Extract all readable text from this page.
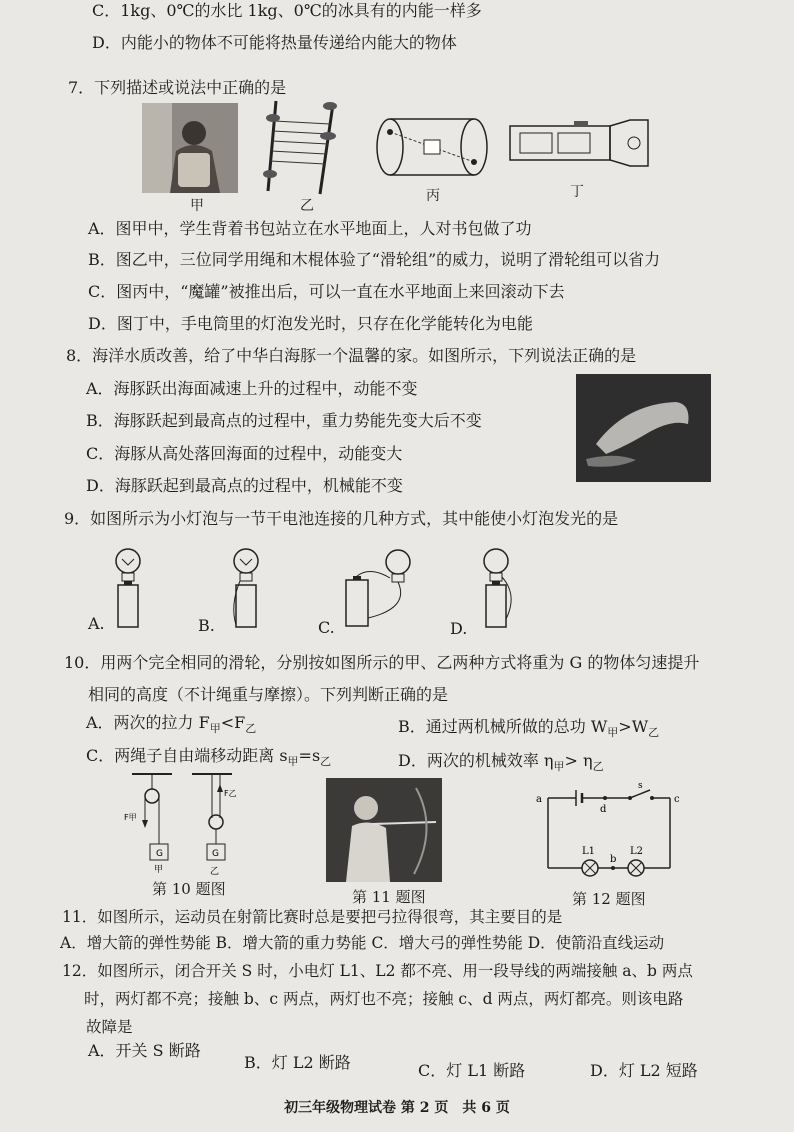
C．1kg、0℃的水比 1kg、0℃的冰具有的内能一样多
D．内能小的物体不可能将热量传递给内能大的物体
7．下列描述或说法中正确的是
甲	乙
丙	丁
A．图甲中，学生背着书包站立在水平地面上，人对书包做了功
B．图乙中，三位同学用绳和木棍体验了“滑轮组”的威力，说明了滑轮组可以省力
C．图丙中，“魔罐”被推出后，可以一直在水平地面上来回滚动下去
D．图丁中，手电筒里的灯泡发光时，只存在化学能转化为电能
8．海洋水质改善，给了中华白海豚一个温馨的家。如图所示，下列说法正确的是
A．海豚跃出海面减速上升的过程中，动能不变
B．海豚跃起到最高点的过程中，重力势能先变大后不变
C．海豚从高处落回海面的过程中，动能变大
D．海豚跃起到最高点的过程中，机械能不变
9．如图所示为小灯泡与一节干电池连接的几种方式，其中能使小灯泡发光的是
A.	B.	C.	D.
10．用两个完全相同的滑轮，分别按如图所示的甲、乙两种方式将重为 G 的物体匀速提升
相同的高度（不计绳重与摩擦）。下列判断正确的是
A．两次的拉力 $F_甲<F_乙$	B．通过两机械所做的总功 $W_甲>W_乙$
C．两绳子自由端移动距离 $s_甲=s_乙$	D．两次的机械效率 $\eta_甲> \eta_乙$
G	G
F甲
F乙
甲	乙
a	c
d
s
b
L1	L2
第 10 题图	第 11 题图	第 12 题图
11．如图所示，运动员在射箭比赛时总是要把弓拉得很弯，其主要目的是
A．增大箭的弹性势能 B．增大箭的重力势能 C．增大弓的弹性势能 D．使箭沿直线运动
12．如图所示，闭合开关 S 时，小电灯 L1、L2 都不亮、用一段导线的两端接触 a、b 两点
时，两灯都不亮；接触 b、c 两点，两灯也不亮；接触 c、d 两点，两灯都亮。则该电路
故障是
A．开关 S 断路
B．灯 L2 断路	C．灯 L1 断路	D．灯 L2 短路
初三年级物理试卷 第 2 页　共 6 页
